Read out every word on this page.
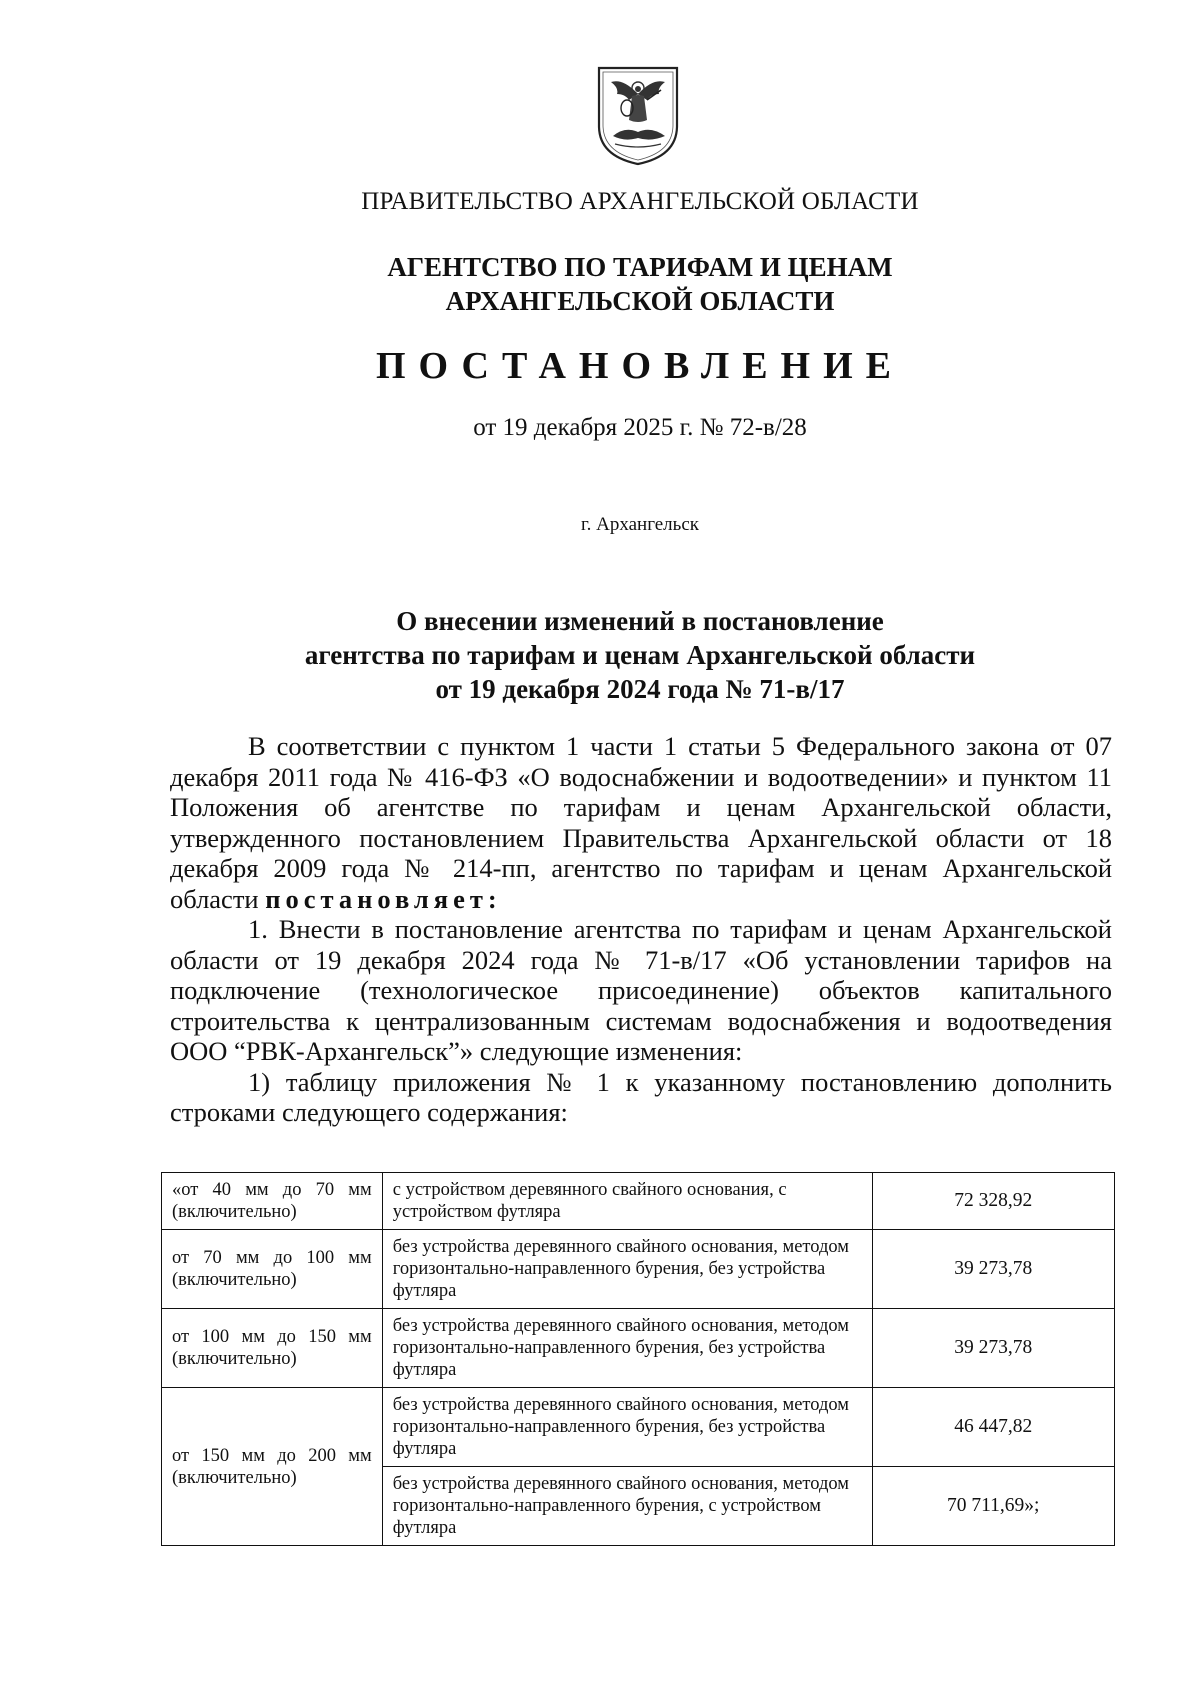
ПРАВИТЕЛЬСТВО АРХАНГЕЛЬСКОЙ ОБЛАСТИ
АГЕНТСТВО ПО ТАРИФАМ И ЦЕНАМ
АРХАНГЕЛЬСКОЙ ОБЛАСТИ
ПОСТАНОВЛЕНИЕ
от 19 декабря 2025 г. № 72-в/28
г. Архангельск
О внесении изменений в постановление
агентства по тарифам и ценам Архангельской области
от 19 декабря 2024 года № 71-в/17

В соответствии с пунктом 1 части 1 статьи 5 Федерального закона от 07 декабря 2011 года № 416-ФЗ «О водоснабжении и водоотведении» и пунктом 11 Положения об агентстве по тарифам и ценам Архангельской области, утвержденного постановлением Правительства Архангельской области от 18 декабря 2009 года № 214-пп, агентство по тарифам и ценам Архангельской области постановляет:

1. Внести в постановление агентства по тарифам и ценам Архангельской области от 19 декабря 2024 года № 71-в/17 «Об установлении тарифов на подключение (технологическое присоединение) объектов капитального строительства к централизованным системам водоснабжения и водоотведения ООО “РВК-Архангельск”» следующие изменения:

1) таблицу приложения № 1 к указанному постановлению дополнить строками следующего содержания:

«от 40 мм до 70 мм (включительно)	с устройством деревянного свайного основания, с устройством футляра	72 328,92
от 70 мм до 100 мм (включительно)	без устройства деревянного свайного основания, методом горизонтально-направленного бурения, без устройства футляра	39 273,78
от 100 мм до 150 мм (включительно)	без устройства деревянного свайного основания, методом горизонтально-направленного бурения, без устройства футляра	39 273,78
от 150 мм до 200 мм (включительно)	без устройства деревянного свайного основания, методом горизонтально-направленного бурения, без устройства футляра	46 447,82
	без устройства деревянного свайного основания, методом горизонтально-направленного бурения, с устройством футляра	70 711,69»;
